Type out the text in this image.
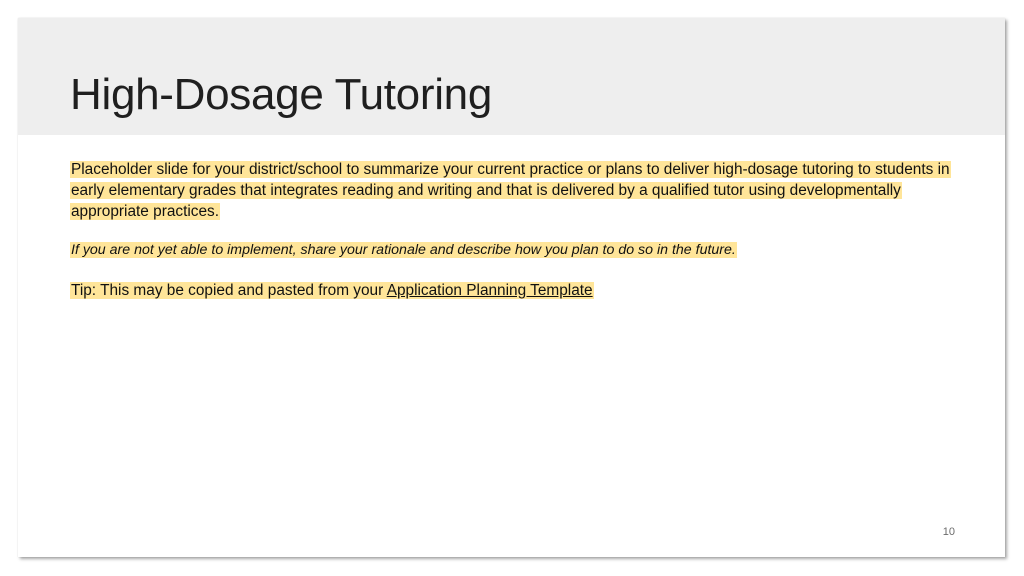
High-Dosage Tutoring

Placeholder slide for your district/school to summarize your current practice or plans to deliver high-dosage tutoring to students in early elementary grades that integrates reading and writing and that is delivered by a qualified tutor using developmentally appropriate practices.

If you are not yet able to implement, share your rationale and describe how you plan to do so in the future.

Tip: This may be copied and pasted from your Application Planning Template

10
